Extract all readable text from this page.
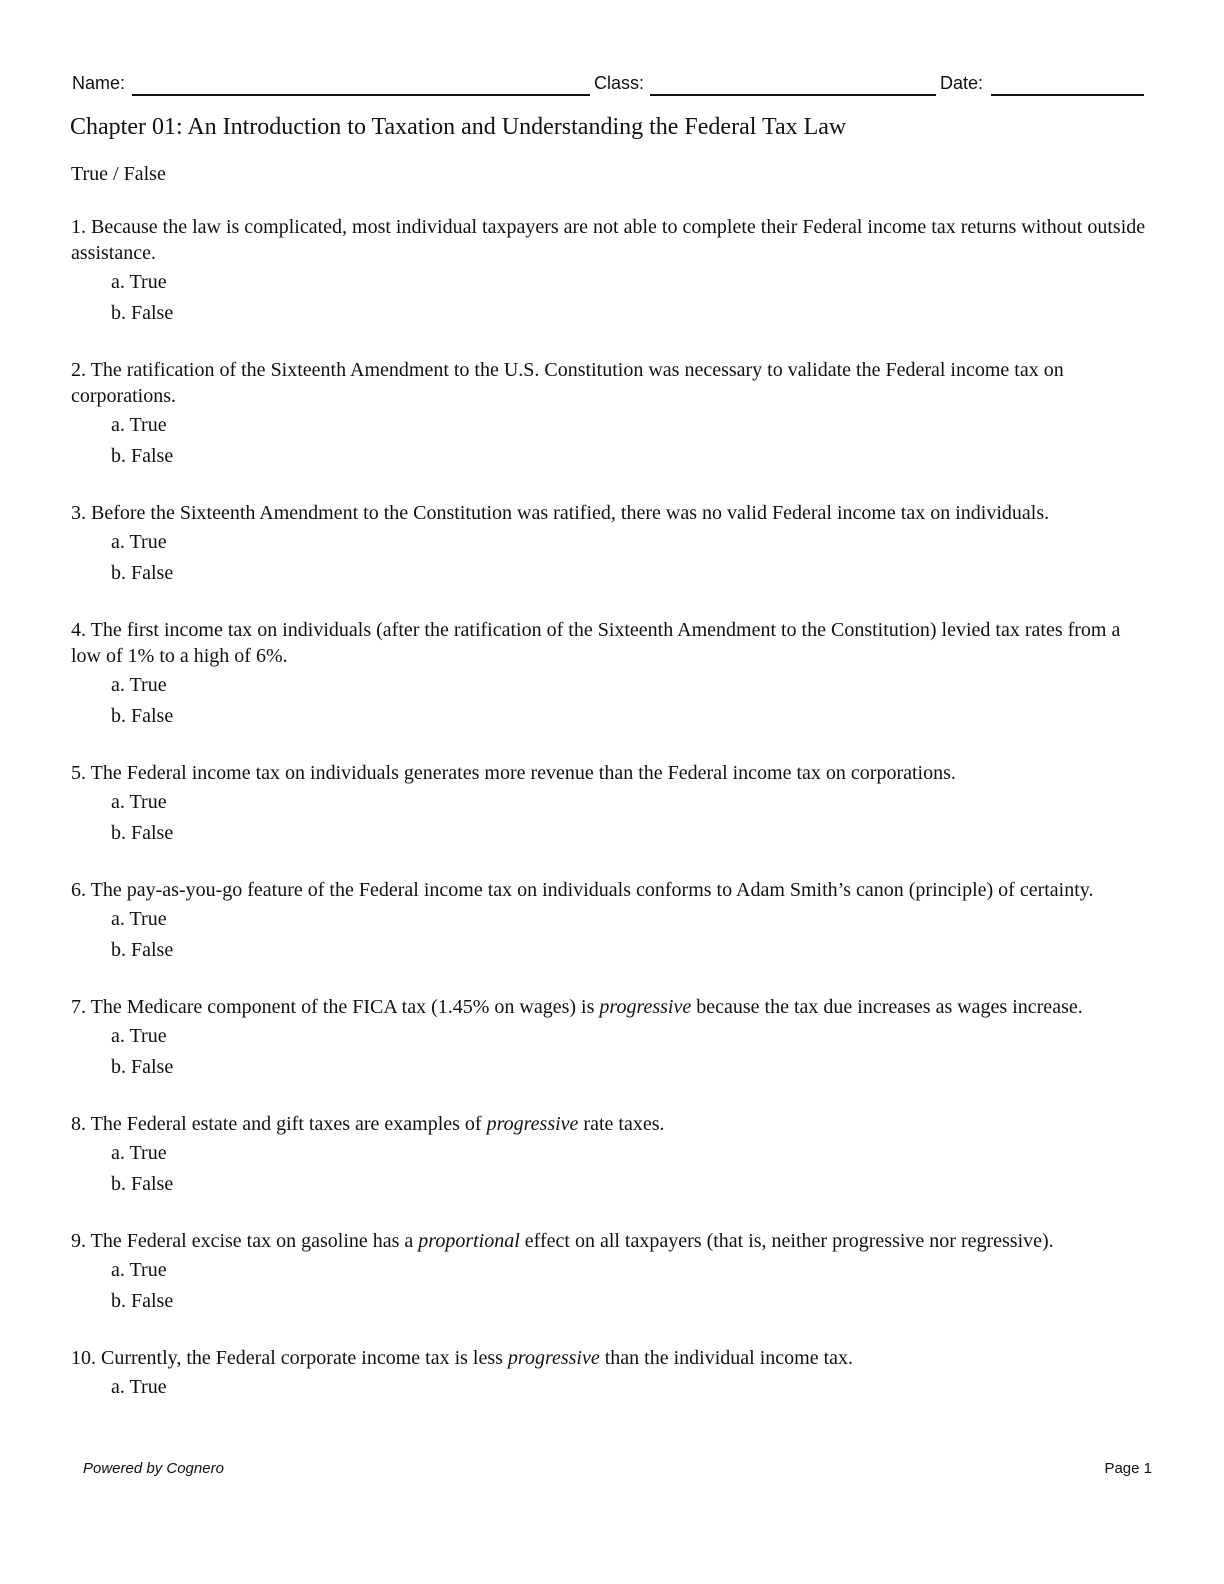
Name:	Class:	Date:
Chapter 01: An Introduction to Taxation and Understanding the Federal Tax Law
True / False
1. Because the law is complicated, most individual taxpayers are not able to complete their Federal income tax returns without outside assistance.
a. True
b. False
2. The ratification of the Sixteenth Amendment to the U.S. Constitution was necessary to validate the Federal income tax on corporations.
a. True
b. False
3. Before the Sixteenth Amendment to the Constitution was ratified, there was no valid Federal income tax on individuals.
a. True
b. False
4. The first income tax on individuals (after the ratification of the Sixteenth Amendment to the Constitution) levied tax rates from a low of 1% to a high of 6%.
a. True
b. False
5. The Federal income tax on individuals generates more revenue than the Federal income tax on corporations.
a. True
b. False
6. The pay-as-you-go feature of the Federal income tax on individuals conforms to Adam Smith’s canon (principle) of certainty.
a. True
b. False
7. The Medicare component of the FICA tax (1.45% on wages) is progressive because the tax due increases as wages increase.
a. True
b. False
8. The Federal estate and gift taxes are examples of progressive rate taxes.
a. True
b. False
9. The Federal excise tax on gasoline has a proportional effect on all taxpayers (that is, neither progressive nor regressive).
a. True
b. False
10. Currently, the Federal corporate income tax is less progressive than the individual income tax.
a. True
Powered by Cognero	Page 1
